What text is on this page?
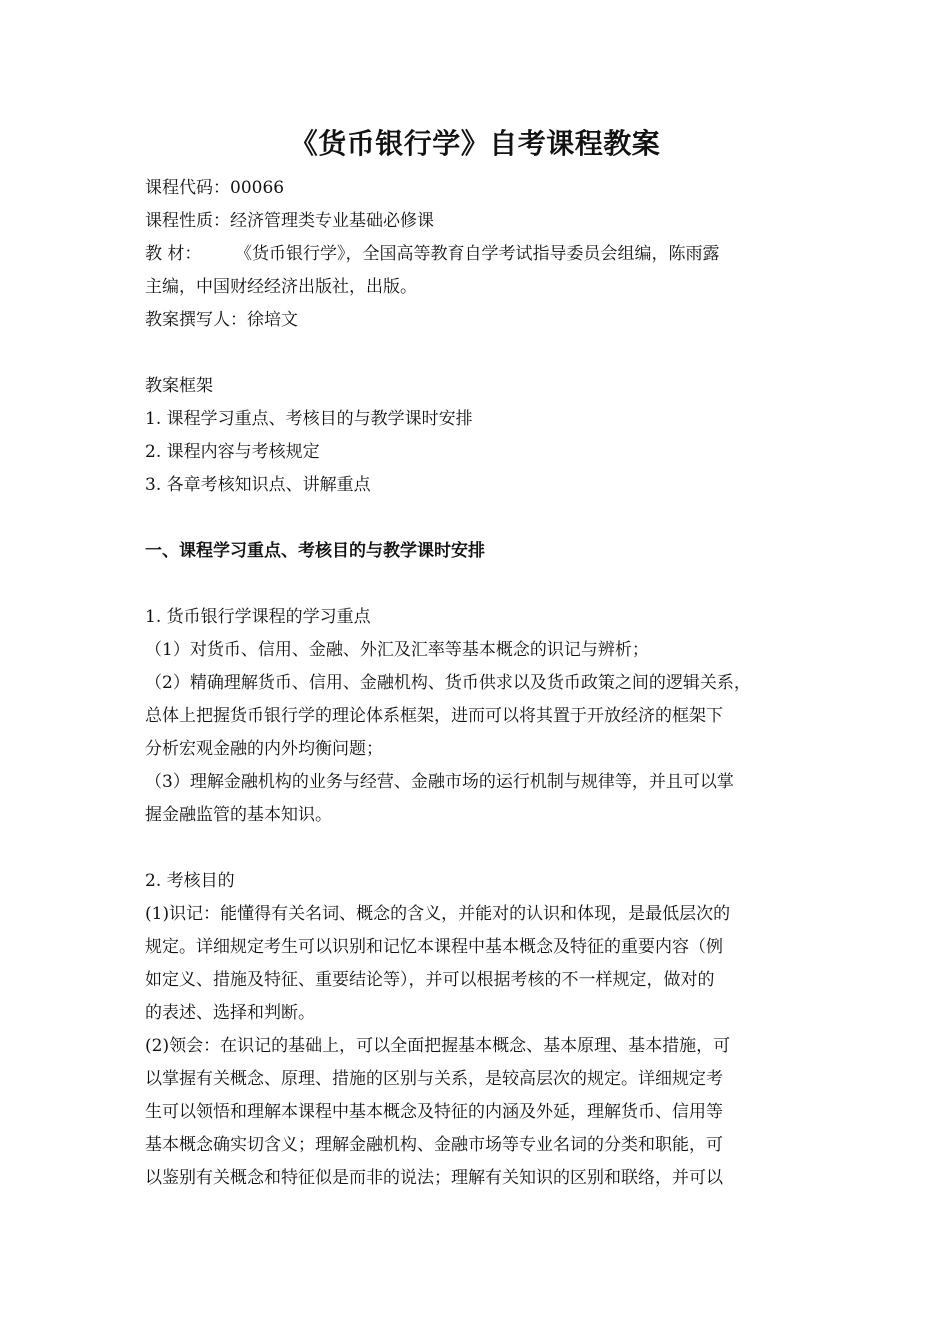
《货币银行学》自考课程教案
课程代码：00066
课程性质：经济管理类专业基础必修课
教 材： 《货币银行学》，全国高等教育自学考试指导委员会组编，陈雨露
主编，中国财经经济出版社，出版。
教案撰写人：徐培文
教案框架
1. 课程学习重点、考核目的与教学课时安排
2. 课程内容与考核规定
3. 各章考核知识点、讲解重点
一、课程学习重点、考核目的与教学课时安排
1. 货币银行学课程的学习重点
（1）对货币、信用、金融、外汇及汇率等基本概念的识记与辨析；
（2）精确理解货币、信用、金融机构、货币供求以及货币政策之间的逻辑关系，
总体上把握货币银行学的理论体系框架，进而可以将其置于开放经济的框架下
分析宏观金融的内外均衡问题；
（3）理解金融机构的业务与经营、金融市场的运行机制与规律等，并且可以掌
握金融监管的基本知识。
2. 考核目的
(1)识记：能懂得有关名词、概念的含义，并能对的认识和体现，是最低层次的
规定。详细规定考生可以识别和记忆本课程中基本概念及特征的重要内容（例
如定义、措施及特征、重要结论等），并可以根据考核的不一样规定，做对的
的表述、选择和判断。
(2)领会：在识记的基础上，可以全面把握基本概念、基本原理、基本措施，可
以掌握有关概念、原理、措施的区别与关系，是较高层次的规定。详细规定考
生可以领悟和理解本课程中基本概念及特征的内涵及外延，理解货币、信用等
基本概念确实切含义；理解金融机构、金融市场等专业名词的分类和职能，可
以鉴别有关概念和特征似是而非的说法；理解有关知识的区别和联络，并可以
